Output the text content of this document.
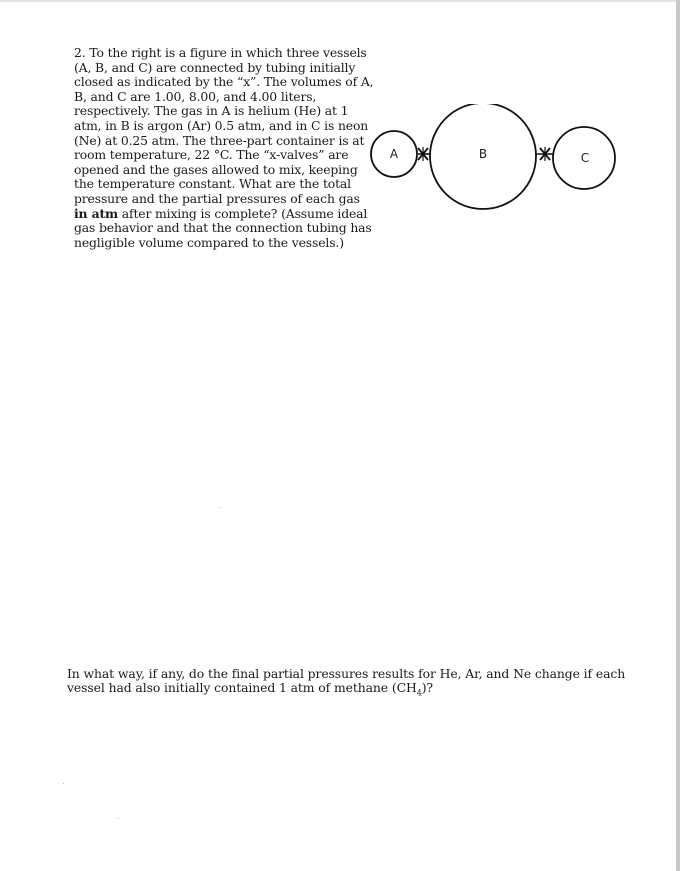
2. To the right is a figure in which three vessels (A, B, and C) are connected by tubing initially closed as indicated by the “x”. The volumes of A, B, and C are 1.00, 8.00, and 4.00 liters, respectively. The gas in A is helium (He) at 1 atm, in B is argon (Ar) 0.5 atm, and in C is neon (Ne) at 0.25 atm. The three-part container is at room temperature, 22 °C. The “x-valves” are opened and the gases allowed to mix, keeping the temperature constant. What are the total pressure and the partial pressures of each gas in atm after mixing is complete? (Assume ideal gas behavior and that the connection tubing has negligible volume compared to the vessels.)

A	B	C

In what way, if any, do the final partial pressures results for He, Ar, and Ne change if each vessel had also initially contained 1 atm of methane $(CH_4)$?
